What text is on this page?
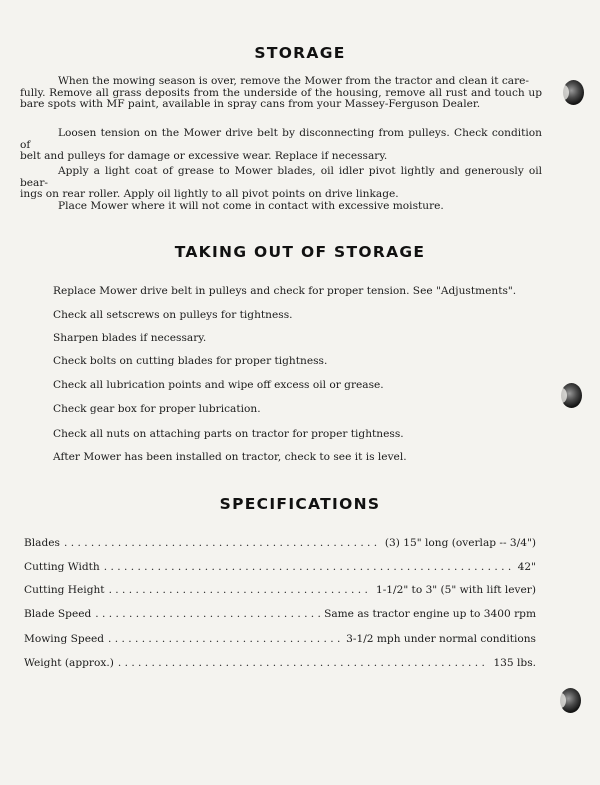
STORAGE

When the mowing season is over, remove the Mower from the tractor and clean it care-
fully. Remove all grass deposits from the underside of the housing, remove all rust and touch up bare spots with MF paint, available in spray cans from your Massey-Ferguson Dealer.

Loosen tension on the Mower drive belt by disconnecting from pulleys. Check condition of
belt and pulleys for damage or excessive wear. Replace if necessary.

Apply a light coat of grease to Mower blades, oil idler pivot lightly and generously oil bear-
ings on rear roller. Apply oil lightly to all pivot points on drive linkage.

Place Mower where it will not come in contact with excessive moisture.

TAKING OUT OF STORAGE
Replace Mower drive belt in pulleys and check for proper tension. See "Adjustments".
Check all setscrews on pulleys for tightness.
Sharpen blades if necessary.
Check bolts on cutting blades for proper tightness.
Check all lubrication points and wipe off excess oil or grease.
Check gear box for proper lubrication.
Check all nuts on attaching parts on tractor for proper tightness.
After Mower has been installed on tractor, check to see it is level.
SPECIFICATIONS
Blades . . .	(3) 15" long (overlap -- 3/4")
Cutting Width . . .	42"
Cutting Height . . .	1-1/2" to 3" (5" with lift lever)
Blade Speed . . .	Same as tractor engine up to 3400 rpm
Mowing Speed . . .	3-1/2 mph under normal conditions
Weight (approx.) . . .	135 lbs.
